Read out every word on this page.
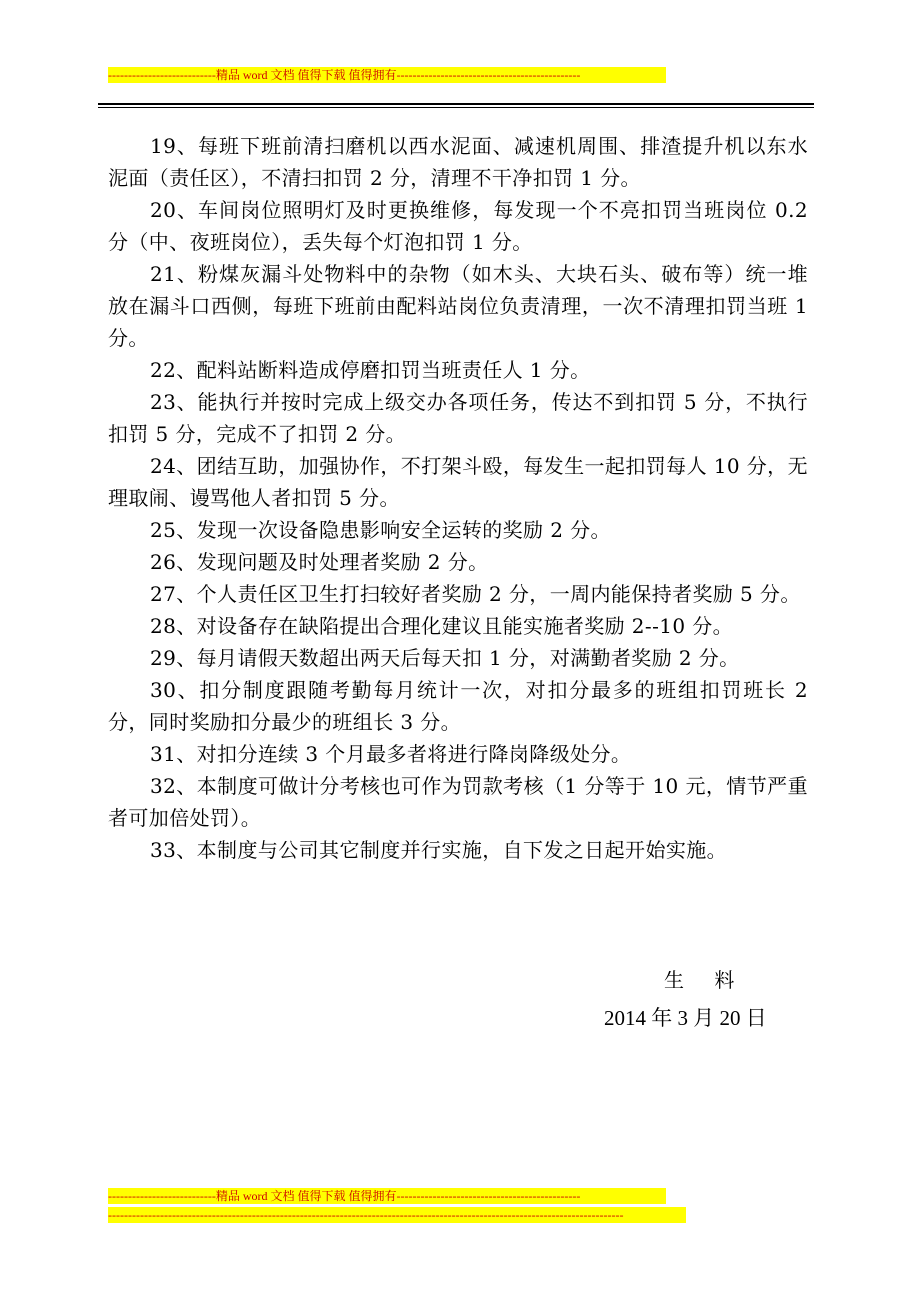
---------------------------精品 word 文档 值得下载 值得拥有----------------------------------------------

19、每班下班前清扫磨机以西水泥面、减速机周围、排渣提升机以东水泥面（责任区），不清扫扣罚 2 分，清理不干净扣罚 1 分。

20、车间岗位照明灯及时更换维修，每发现一个不亮扣罚当班岗位 0.2 分（中、夜班岗位），丢失每个灯泡扣罚 1 分。

21、粉煤灰漏斗处物料中的杂物（如木头、大块石头、破布等）统一堆放在漏斗口西侧，每班下班前由配料站岗位负责清理，一次不清理扣罚当班 1 分。

22、配料站断料造成停磨扣罚当班责任人 1 分。

23、能执行并按时完成上级交办各项任务，传达不到扣罚 5 分，不执行扣罚 5 分，完成不了扣罚 2 分。

24、团结互助，加强协作，不打架斗殴，每发生一起扣罚每人 10 分，无理取闹、谩骂他人者扣罚 5 分。

25、发现一次设备隐患影响安全运转的奖励 2 分。

26、发现问题及时处理者奖励 2 分。

27、个人责任区卫生打扫较好者奖励 2 分，一周内能保持者奖励 5 分。

28、对设备存在缺陷提出合理化建议且能实施者奖励 2--10 分。

29、每月请假天数超出两天后每天扣 1 分，对满勤者奖励 2 分。

30、扣分制度跟随考勤每月统计一次，对扣分最多的班组扣罚班长 2 分，同时奖励扣分最少的班组长 3 分。

31、对扣分连续 3 个月最多者将进行降岗降级处分。

32、本制度可做计分考核也可作为罚款考核（1 分等于 10 元，情节严重者可加倍处罚）。

33、本制度与公司其它制度并行实施，自下发之日起开始实施。

生 料
2014 年 3 月 20 日
---------------------------精品 word 文档 值得下载 值得拥有----------------------------------------------
---------------------------------------------------------------------------------------------------------------------------------
